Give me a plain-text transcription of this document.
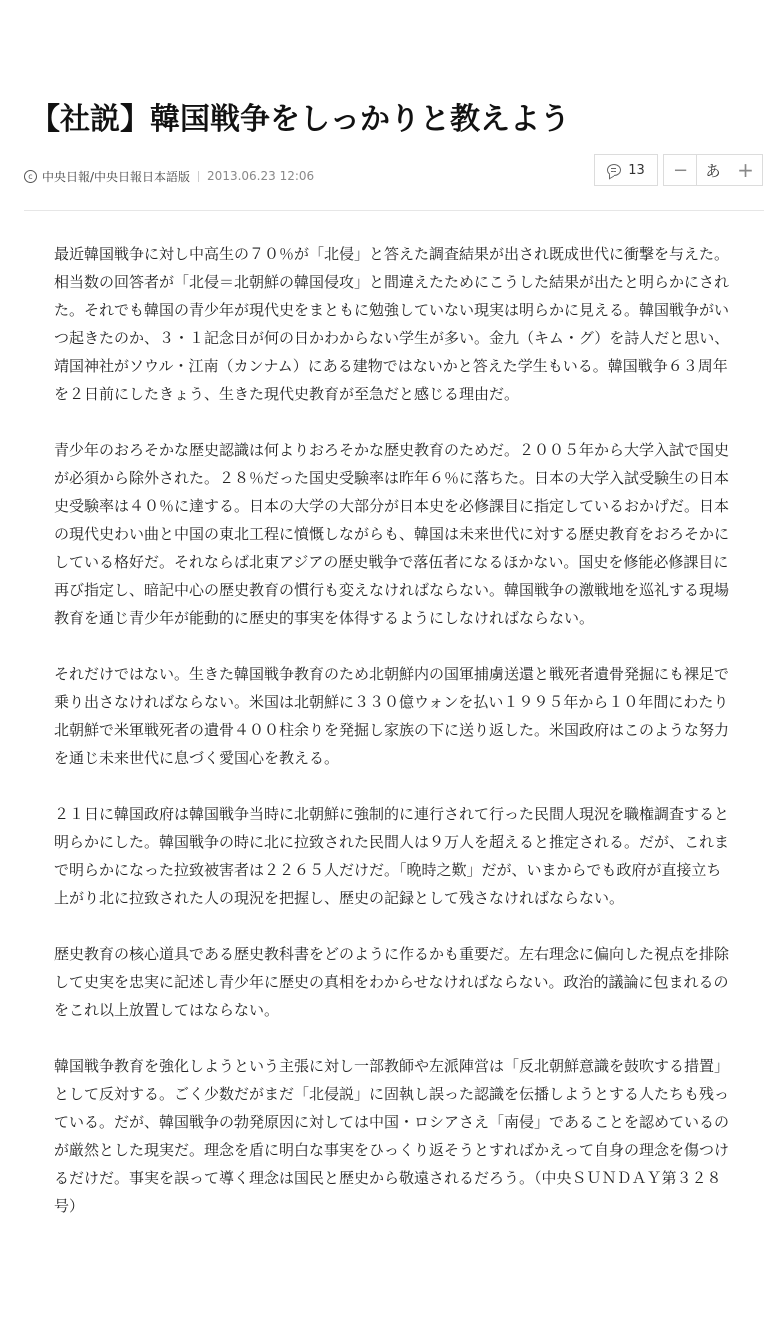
【社説】韓国戦争をしっかりと教えよう
c 中央日報/中央日報日本語版 2013.06.23 12:06	13	−	あ +

最近韓国戦争に対し中高生の７０％が「北侵」と答えた調査結果が出され既成世代に衝撃を与えた。相当数の回答者が「北侵＝北朝鮮の韓国侵攻」と間違えたためにこうした結果が出たと明らかにされた。それでも韓国の青少年が現代史をまともに勉強していない現実は明らかに見える。韓国戦争がいつ起きたのか、３・１記念日が何の日かわからない学生が多い。金九（キム・グ）を詩人だと思い、靖国神社がソウル・江南（カンナム）にある建物ではないかと答えた学生もいる。韓国戦争６３周年を２日前にしたきょう、生きた現代史教育が至急だと感じる理由だ。

青少年のおろそかな歴史認識は何よりおろそかな歴史教育のためだ。２００５年から大学入試で国史が必須から除外された。２８％だった国史受験率は昨年６％に落ちた。日本の大学入試受験生の日本史受験率は４０％に達する。日本の大学の大部分が日本史を必修課目に指定しているおかげだ。日本の現代史わい曲と中国の東北工程に憤慨しながらも、韓国は未来世代に対する歴史教育をおろそかにしている格好だ。それならば北東アジアの歴史戦争で落伍者になるほかない。国史を修能必修課目に再び指定し、暗記中心の歴史教育の慣行も変えなければならない。韓国戦争の激戦地を巡礼する現場教育を通じ青少年が能動的に歴史的事実を体得するようにしなければならない。

それだけではない。生きた韓国戦争教育のため北朝鮮内の国軍捕虜送還と戦死者遺骨発掘にも裸足で乗り出さなければならない。米国は北朝鮮に３３０億ウォンを払い１９９５年から１０年間にわたり北朝鮮で米軍戦死者の遺骨４００柱余りを発掘し家族の下に送り返した。米国政府はこのような努力を通じ未来世代に息づく愛国心を教える。

２１日に韓国政府は韓国戦争当時に北朝鮮に強制的に連行されて行った民間人現況を職権調査すると明らかにした。韓国戦争の時に北に拉致された民間人は９万人を超えると推定される。だが、これまで明らかになった拉致被害者は２２６５人だけだ。「晩時之歎」だが、いまからでも政府が直接立ち上がり北に拉致された人の現況を把握し、歴史の記録として残さなければならない。

歴史教育の核心道具である歴史教科書をどのように作るかも重要だ。左右理念に偏向した視点を排除して史実を忠実に記述し青少年に歴史の真相をわからせなければならない。政治的議論に包まれるのをこれ以上放置してはならない。

韓国戦争教育を強化しようという主張に対し一部教師や左派陣営は「反北朝鮮意識を鼓吹する措置」として反対する。ごく少数だがまだ「北侵説」に固執し誤った認識を伝播しようとする人たちも残っている。だが、韓国戦争の勃発原因に対しては中国・ロシアさえ「南侵」であることを認めているのが厳然とした現実だ。理念を盾に明白な事実をひっくり返そうとすればかえって自身の理念を傷つけるだけだ。事実を誤って導く理念は国民と歴史から敬遠されるだろう。（中央ＳＵＮＤＡＹ第３２８号）
